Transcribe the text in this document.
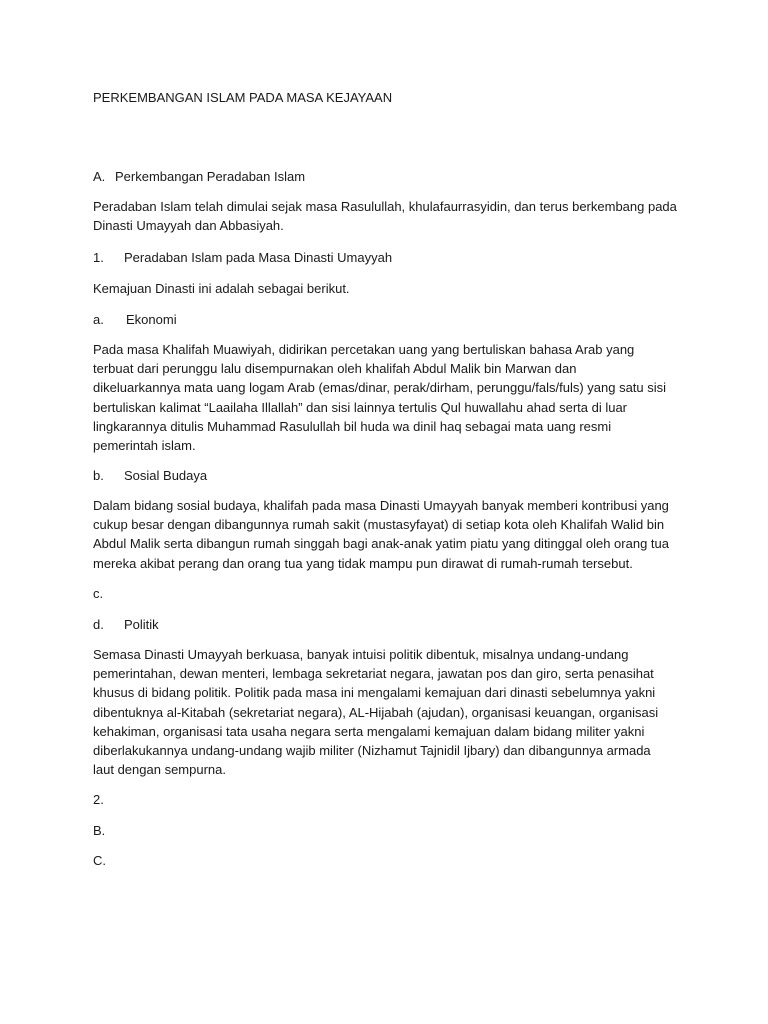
PERKEMBANGAN ISLAM PADA MASA KEJAYAAN
A. Perkembangan Peradaban Islam
Peradaban Islam telah dimulai sejak masa Rasulullah, khulafaurrasyidin, dan terus berkembang pada
Dinasti Umayyah dan Abbasiyah.
1. Peradaban Islam pada Masa Dinasti Umayyah
Kemajuan Dinasti ini adalah sebagai berikut.
a. Ekonomi
Pada masa Khalifah Muawiyah, didirikan percetakan uang yang bertuliskan bahasa Arab yang
terbuat dari perunggu lalu disempurnakan oleh khalifah Abdul Malik bin Marwan dan
dikeluarkannya mata uang logam Arab (emas/dinar, perak/dirham, perunggu/fals/fuls) yang satu sisi
bertuliskan kalimat “Laailaha Illallah” dan sisi lainnya tertulis Qul huwallahu ahad serta di luar
lingkarannya ditulis Muhammad Rasulullah bil huda wa dinil haq sebagai mata uang resmi
pemerintah islam.
b. Sosial Budaya
Dalam bidang sosial budaya, khalifah pada masa Dinasti Umayyah banyak memberi kontribusi yang
cukup besar dengan dibangunnya rumah sakit (mustasyfayat) di setiap kota oleh Khalifah Walid bin
Abdul Malik serta dibangun rumah singgah bagi anak-anak yatim piatu yang ditinggal oleh orang tua
mereka akibat perang dan orang tua yang tidak mampu pun dirawat di rumah-rumah tersebut.
c.
d. Politik
Semasa Dinasti Umayyah berkuasa, banyak intuisi politik dibentuk, misalnya undang-undang
pemerintahan, dewan menteri, lembaga sekretariat negara, jawatan pos dan giro, serta penasihat
khusus di bidang politik. Politik pada masa ini mengalami kemajuan dari dinasti sebelumnya yakni
dibentuknya al-Kitabah (sekretariat negara), AL-Hijabah (ajudan), organisasi keuangan, organisasi
kehakiman, organisasi tata usaha negara serta mengalami kemajuan dalam bidang militer yakni
diberlakukannya undang-undang wajib militer (Nizhamut Tajnidil Ijbary) dan dibangunnya armada
laut dengan sempurna.
2.
B.
C.
